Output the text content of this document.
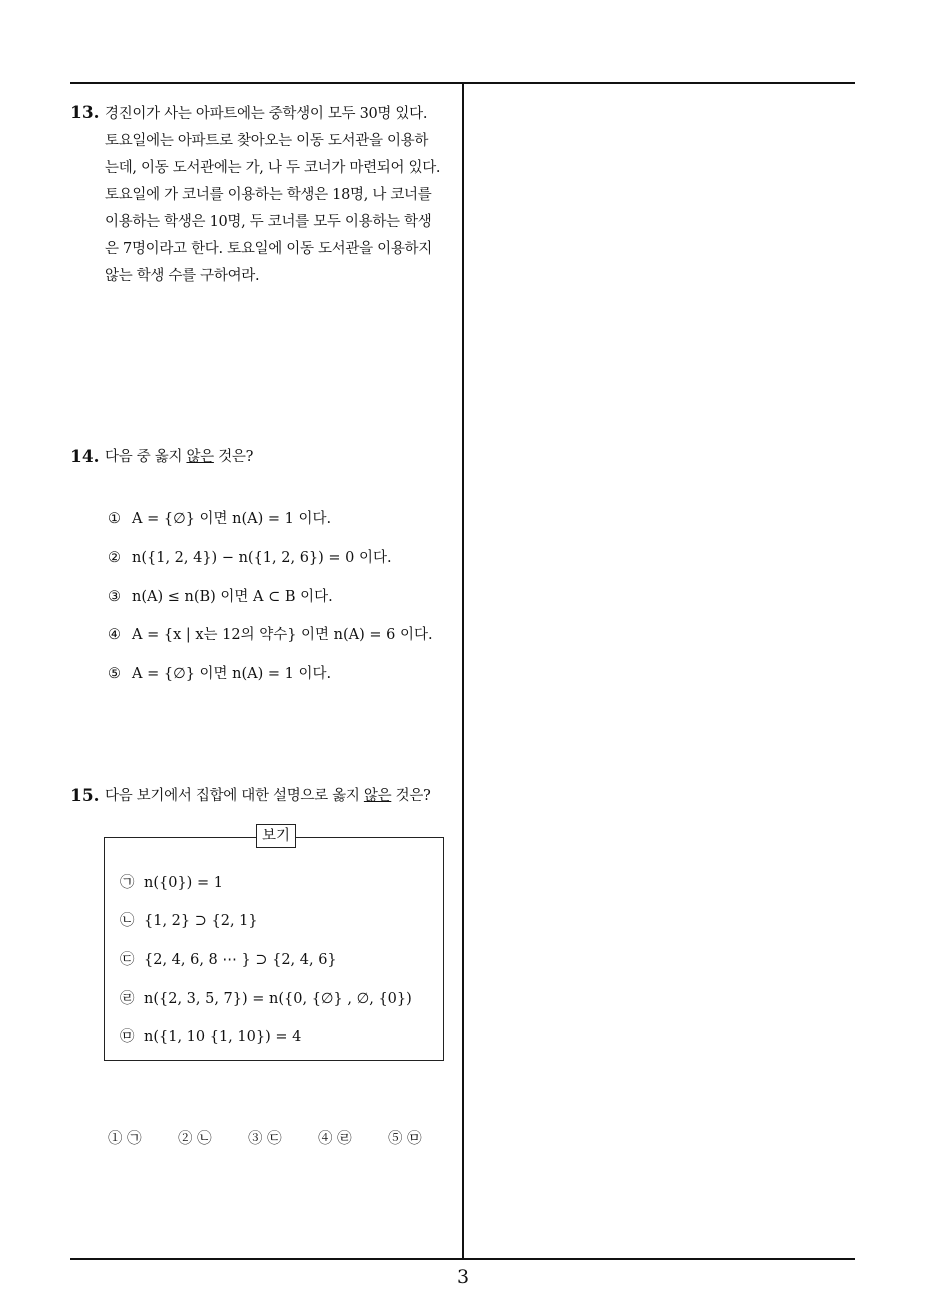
13. 경진이가 사는 아파트에는 중학생이 모두 30명 있다.
토요일에는 아파트로 찾아오는 이동 도서관을 이용하
는데, 이동 도서관에는 가, 나 두 코너가 마련되어 있다.
토요일에 가 코너를 이용하는 학생은 18명, 나 코너를
이용하는 학생은 10명, 두 코너를 모두 이용하는 학생
은 7명이라고 한다. 토요일에 이동 도서관을 이용하지
않는 학생 수를 구하여라.
14. 다음 중 옳지 않은 것은?
① A = {∅} 이면 n(A) = 1 이다.
② n({1, 2, 4}) − n({1, 2, 6}) = 0 이다.
③ n(A) ≤ n(B) 이면 A ⊂ B 이다.
④ A = {x | x는 12의 약수} 이면 n(A) = 6 이다.
⑤ A = {∅} 이면 n(A) = 1 이다.
15. 다음 보기에서 집합에 대한 설명으로 옳지 않은 것은?
보기
㉠ n({0}) = 1
㉡ {1, 2} ⊃ {2, 1}
㉢ {2, 4, 6, 8 ⋯ } ⊃ {2, 4, 6}
㉣ n({2, 3, 5, 7}) = n({0, {∅} , ∅, {0})
㉤ n({1, 10 {1, 10}) = 4
① ㉠	② ㉡	③ ㉢	④ ㉣	⑤ ㉤
3
